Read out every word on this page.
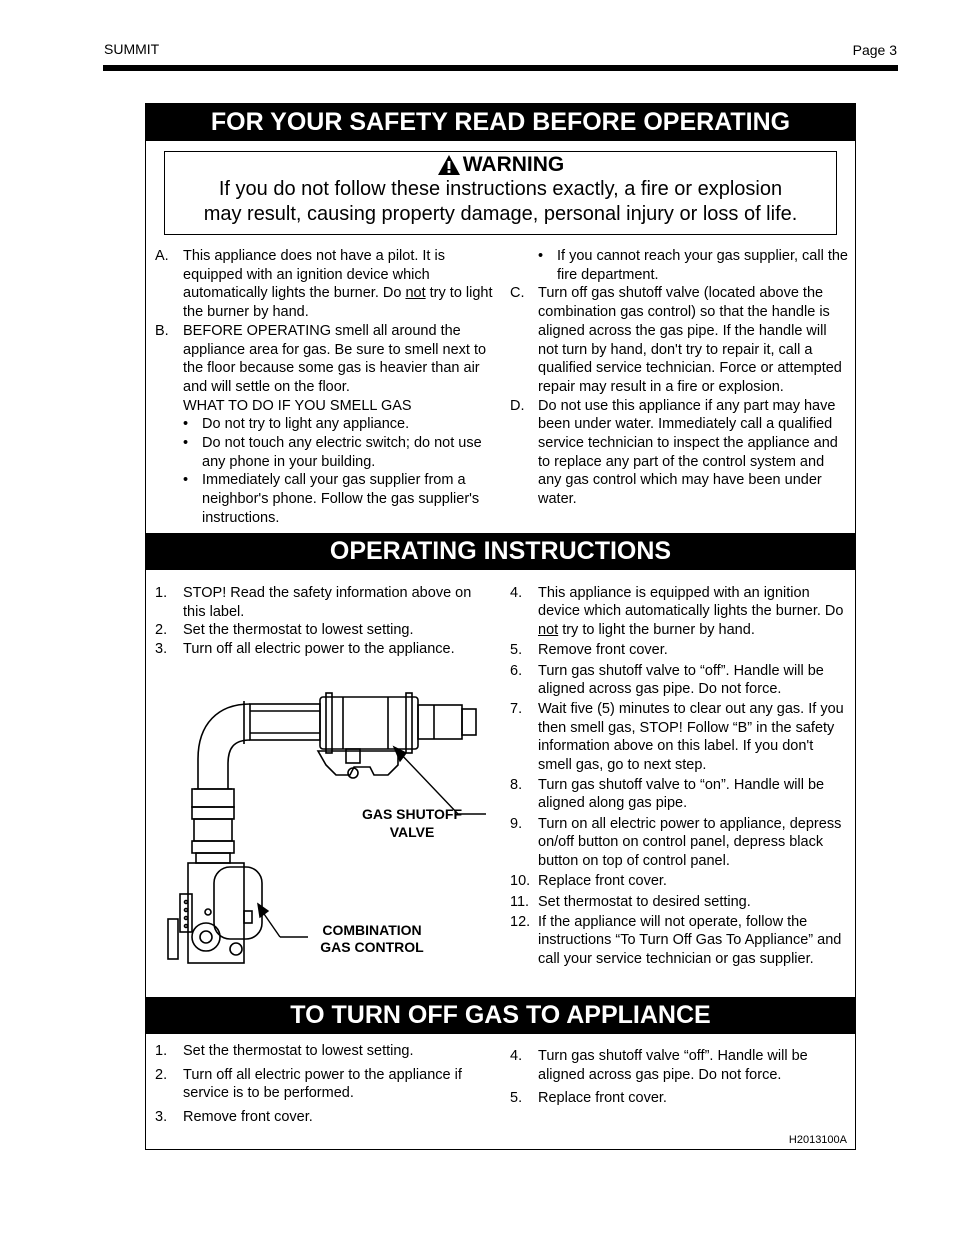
SUMMIT	Page 3
FOR YOUR SAFETY READ BEFORE OPERATING
WARNING
If you do not follow these instructions exactly, a fire or explosion
may result, causing property damage, personal injury or loss of life.
A. This appliance does not have a pilot. It is equipped with an ignition device which automatically lights the burner. Do not try to light the burner by hand.
B. BEFORE OPERATING smell all around the appliance area for gas. Be sure to smell next to the floor because some gas is heavier than air and will settle on the floor.
WHAT TO DO IF YOU SMELL GAS
• Do not try to light any appliance.
• Do not touch any electric switch; do not use any phone in your building.
• Immediately call your gas supplier from a neighbor's phone. Follow the gas supplier's instructions.
• If you cannot reach your gas supplier, call the fire department.
C. Turn off gas shutoff valve (located above the combination gas control) so that the handle is aligned across the gas pipe. If the handle will not turn by hand, don't try to repair it, call a qualified service technician. Force or attempted repair may result in a fire or explosion.
D. Do not use this appliance if any part may have been under water. Immediately call a qualified service technician to inspect the appliance and to replace any part of the control system and any gas control which may have been under water.
OPERATING INSTRUCTIONS
1.	STOP! Read the safety information above on this label.
2.	Set the thermostat to lowest setting.
3.	Turn off all electric power to the appliance.
GAS SHUTOFF
VALVE
COMBINATION
GAS CONTROL
4.	This appliance is equipped with an ignition device which automatically lights the burner. Do not try to light the burner by hand.
5.	Remove front cover.
6.	Turn gas shutoff valve to “off”. Handle will be aligned across gas pipe. Do not force.
7.	Wait five (5) minutes to clear out any gas. If you then smell gas, STOP! Follow “B” in the safety information above on this label. If you don't smell gas, go to next step.
8.	Turn gas shutoff valve to “on”. Handle will be aligned along gas pipe.
9.	Turn on all electric power to appliance, depress on/off button on control panel, depress black button on top of control panel.
10. Replace front cover.
11. Set thermostat to desired setting.
12. If the appliance will not operate, follow the instructions “To Turn Off Gas To Appliance” and call your service technician or gas supplier.
TO TURN OFF GAS TO APPLIANCE
1.	Set the thermostat to lowest setting.
2.	Turn off all electric power to the appliance if service is to be performed.
3.	Remove front cover.
4.	Turn gas shutoff valve “off”. Handle will be aligned across gas pipe. Do not force.
5.	Replace front cover.
H2013100A
